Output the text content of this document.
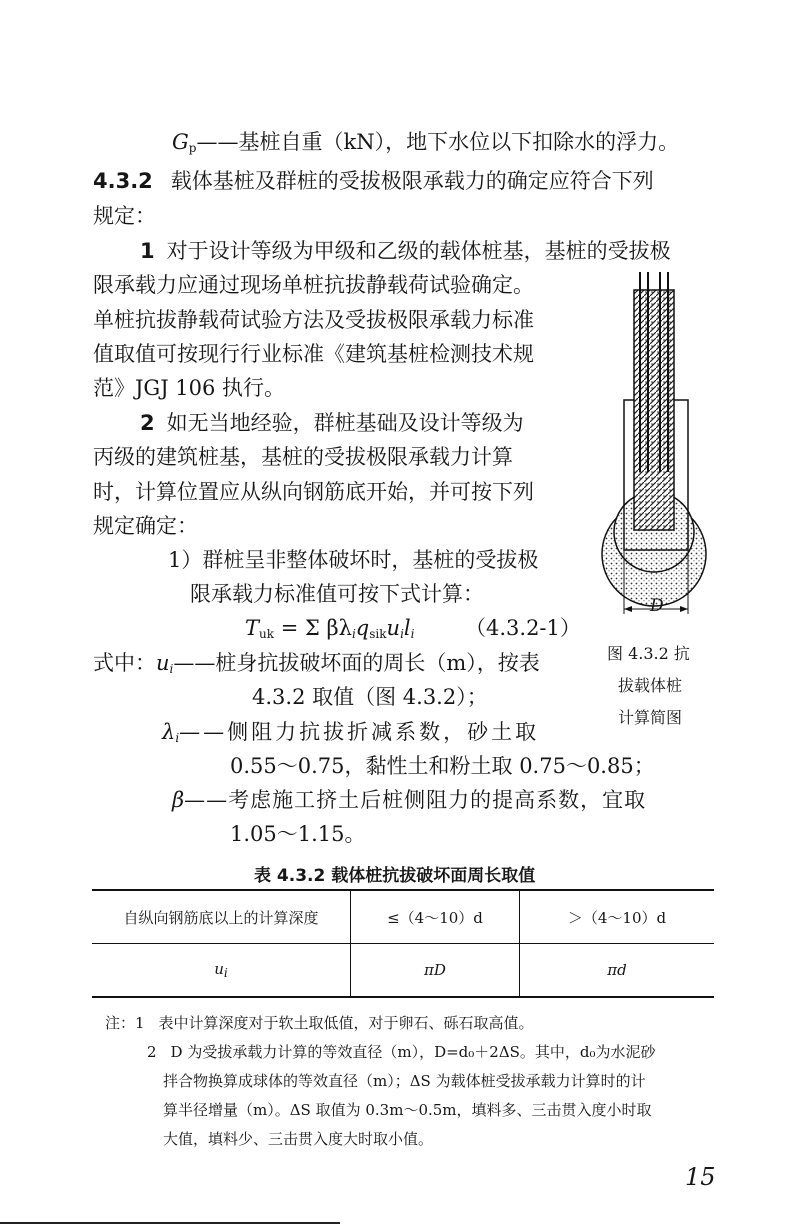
$G_p——$基桩自重（kN），地下水位以下扣除水的浮力。
4.3.2 载体基桩及群桩的受拔极限承载力的确定应符合下列
规定：
1 对于设计等级为甲级和乙级的载体桩基，基桩的受拔极
限承载力应通过现场单桩抗拔静载荷试验确定。
单桩抗拔静载荷试验方法及受拔极限承载力标准
值取值可按现行行业标准《建筑基桩检测技术规
范》JGJ 106 执行。
2 如无当地经验，群桩基础及设计等级为
丙级的建筑桩基，基桩的受拔极限承载力计算
时，计算位置应从纵向钢筋底开始，并可按下列
规定确定：
1）群桩呈非整体破坏时，基桩的受拔极
限承载力标准值可按下式计算：
$T_{uk} = \Sigma$ $\beta\lambda_iq_{sik}u_il_i$ （4.3.2-1）
式中：$u_i——$桩身抗拔破坏面的周长（m），按表
4.3.2 取值（图 4.3.2）；
$\lambda_i——$侧阻力抗拔折减系数，砂土取
0.55～0.75，黏性土和粉土取 0.75～0.85；
β——考虑施工挤土后桩侧阻力的提高系数，宜取
1.05～1.15。
D
图 4.3.2 抗
拔载体桩
计算简图
表 4.3.2 载体桩抗拔破坏面周长取值
自纵向钢筋底以上的计算深度	≤（4～10）d	＞（4～10）d
$u_i$	πD	πd
注：1 表中计算深度对于软土取低值，对于卵石、砾石取高值。
2 D 为受拔承载力计算的等效直径（m），D=d₀＋2ΔS。其中，d₀为水泥砂
拌合物换算成球体的等效直径（m）；ΔS 为载体桩受拔承载力计算时的计
算半径增量（m）。ΔS 取值为 0.3m～0.5m，填料多、三击贯入度小时取
大值，填料少、三击贯入度大时取小值。
15
